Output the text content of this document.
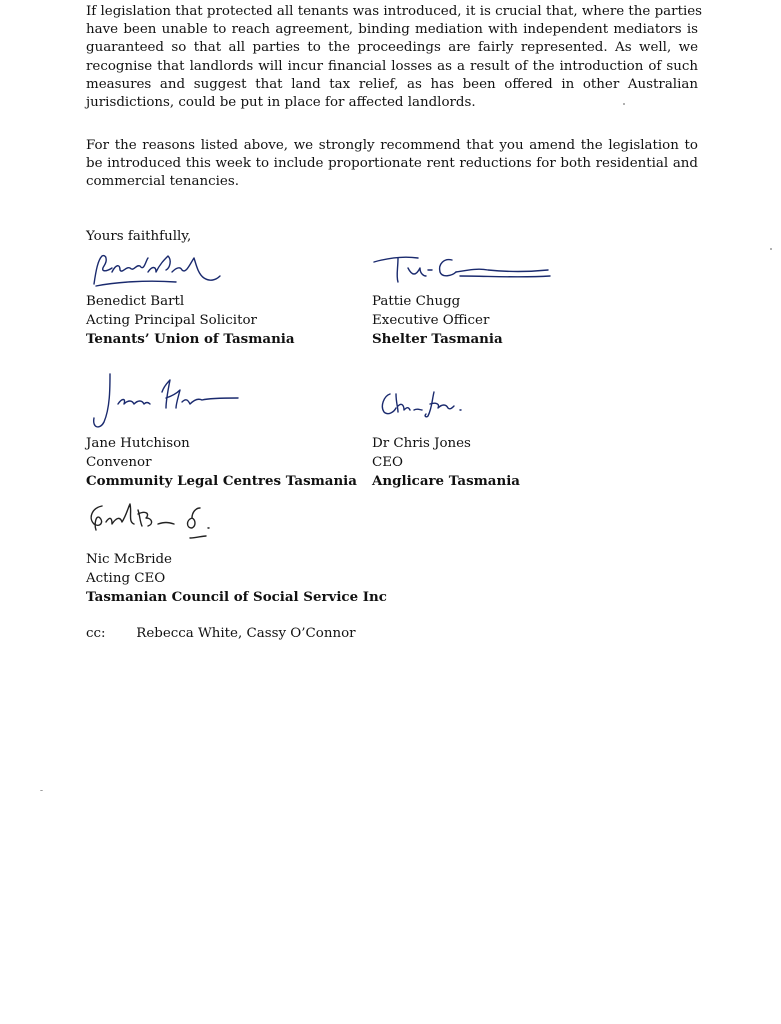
If legislation that protected all tenants was introduced, it is crucial that, where the parties
have been unable to reach agreement, binding mediation with independent mediators is
guaranteed so that all parties to the proceedings are fairly represented. As well, we
recognise that landlords will incur financial losses as a result of the introduction of such
measures and suggest that land tax relief, as has been offered in other Australian
jurisdictions, could be put in place for affected landlords.

For the reasons listed above, we strongly recommend that you amend the legislation to
be introduced this week to include proportionate rent reductions for both residential and
commercial tenancies.

Yours faithfully,
Benedict Bartl
Acting Principal Solicitor
Tenants’ Union of Tasmania
Pattie Chugg
Executive Officer
Shelter Tasmania
Jane Hutchison
Convenor
Community Legal Centres Tasmania
Dr Chris Jones
CEO
Anglicare Tasmania
Nic McBride
Acting CEO
Tasmanian Council of Social Service Inc
cc: Rebecca White, Cassy O’Connor
